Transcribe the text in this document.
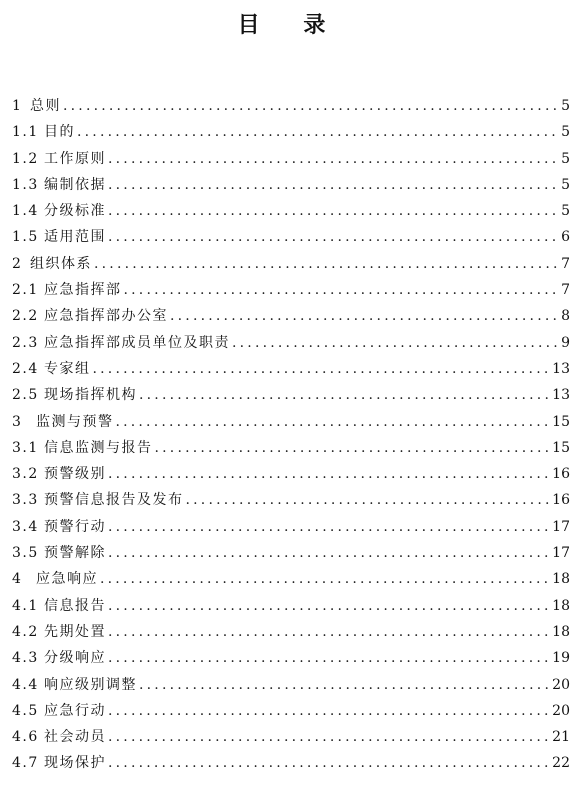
目 录
1 总则 .....	5
1.1 目的 .....	5
1.2 工作原则 .....	5
1.3 编制依据 .....	5
1.4 分级标准 .....	5
1.5 适用范围 .....	6
2 组织体系 .....	7
2.1 应急指挥部 .....	7
2.2 应急指挥部办公室 .....	8
2.3 应急指挥部成员单位及职责 .....	9
2.4 专家组 .....	13
2.5 现场指挥机构 .....	13
3 监测与预警 .....	15
3.1 信息监测与报告 .....	15
3.2 预警级别 .....	16
3.3 预警信息报告及发布 .....	16
3.4 预警行动 .....	17
3.5 预警解除 .....	17
4 应急响应 .....	18
4.1 信息报告 .....	18
4.2 先期处置 .....	18
4.3 分级响应 .....	19
4.4 响应级别调整 .....	20
4.5 应急行动 .....	20
4.6 社会动员 .....	21
4.7 现场保护 .....	22
